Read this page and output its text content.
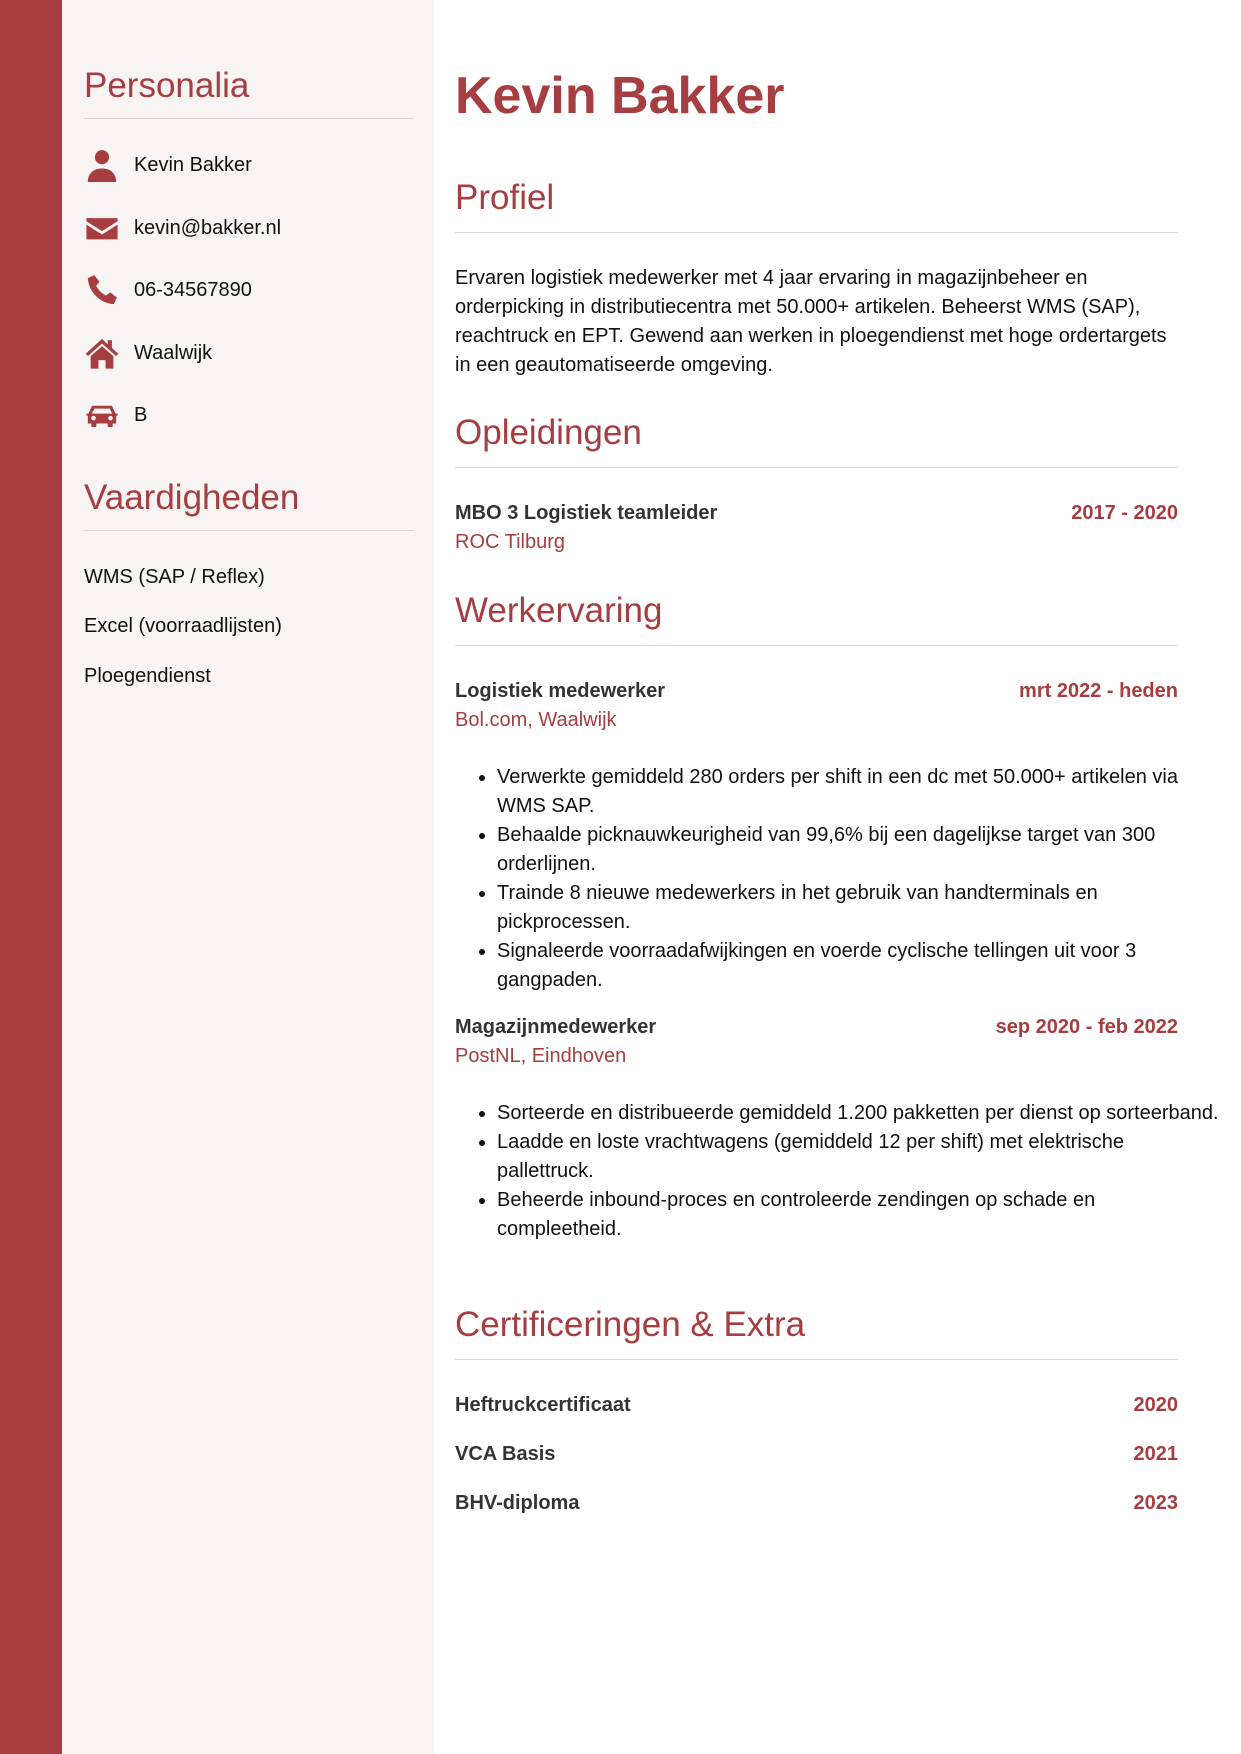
Personalia
Kevin Bakker
kevin@bakker.nl
06-34567890
Waalwijk
B
Vaardigheden
WMS (SAP / Reflex)
Excel (voorraadlijsten)
Ploegendienst
Kevin Bakker
Profiel

Ervaren logistiek medewerker met 4 jaar ervaring in magazijnbeheer en orderpicking in distributiecentra met 50.000+ artikelen. Beheerst WMS (SAP), reachtruck en EPT. Gewend aan werken in ploegendienst met hoge ordertargets in een geautomatiseerde omgeving.

Opleidingen
MBO 3 Logistiek teamleider	2017 - 2020
ROC Tilburg
Werkervaring
Logistiek medewerker	mrt 2022 - heden
Bol.com, Waalwijk
• Verwerkte gemiddeld 280 orders per shift in een dc met 50.000+ artikelen via WMS SAP.
• Behaalde picknauwkeurigheid van 99,6% bij een dagelijkse target van 300 orderlijnen.
• Trainde 8 nieuwe medewerkers in het gebruik van handterminals en pickprocessen.
• Signaleerde voorraadafwijkingen en voerde cyclische tellingen uit voor 3 gangpaden.
Magazijnmedewerker	sep 2020 - feb 2022
PostNL, Eindhoven
• Sorteerde en distribueerde gemiddeld 1.200 pakketten per dienst op sorteerband.
• Laadde en loste vrachtwagens (gemiddeld 12 per shift) met elektrische pallettruck.
• Beheerde inbound-proces en controleerde zendingen op schade en compleetheid.
Certificeringen & Extra
Heftruckcertificaat	2020
VCA Basis	2021
BHV-diploma	2023
